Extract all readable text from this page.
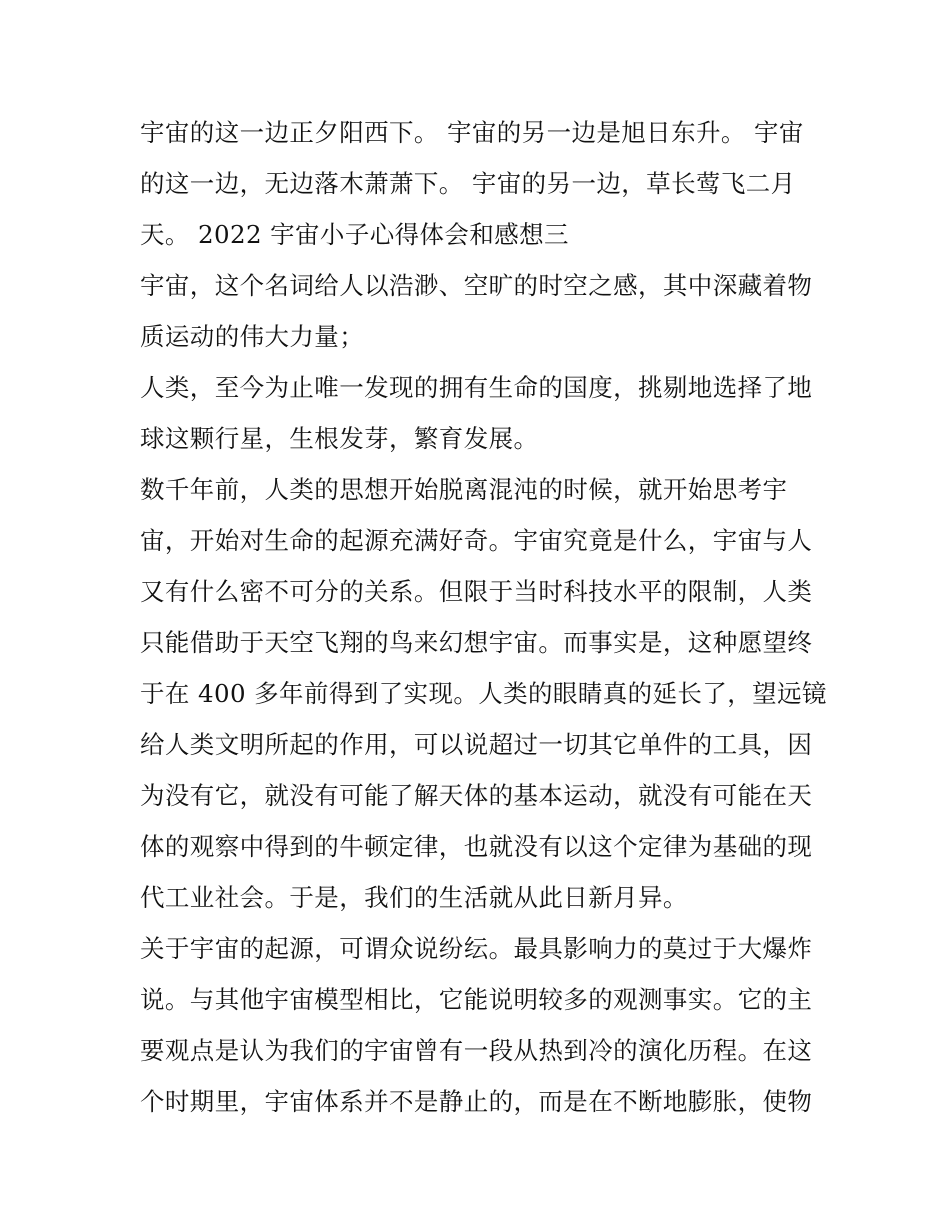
宇宙的这一边正夕阳西下。 宇宙的另一边是旭日东升。 宇宙
的这一边，无边落木萧萧下。 宇宙的另一边，草长莺飞二月
天。 2022 宇宙小子心得体会和感想三
宇宙，这个名词给人以浩渺、空旷的时空之感，其中深藏着物
质运动的伟大力量；
人类，至今为止唯一发现的拥有生命的国度，挑剔地选择了地
球这颗行星，生根发芽，繁育发展。
数千年前，人类的思想开始脱离混沌的时候，就开始思考宇
宙，开始对生命的起源充满好奇。宇宙究竟是什么，宇宙与人
又有什么密不可分的关系。但限于当时科技水平的限制，人类
只能借助于天空飞翔的鸟来幻想宇宙。而事实是，这种愿望终
于在 400 多年前得到了实现。人类的眼睛真的延长了，望远镜
给人类文明所起的作用，可以说超过一切其它单件的工具，因
为没有它，就没有可能了解天体的基本运动，就没有可能在天
体的观察中得到的牛顿定律，也就没有以这个定律为基础的现
代工业社会。于是，我们的生活就从此日新月异。
关于宇宙的起源，可谓众说纷纭。最具影响力的莫过于大爆炸
说。与其他宇宙模型相比，它能说明较多的观测事实。它的主
要观点是认为我们的宇宙曾有一段从热到冷的演化历程。在这
个时期里，宇宙体系并不是静止的，而是在不断地膨胀，使物
